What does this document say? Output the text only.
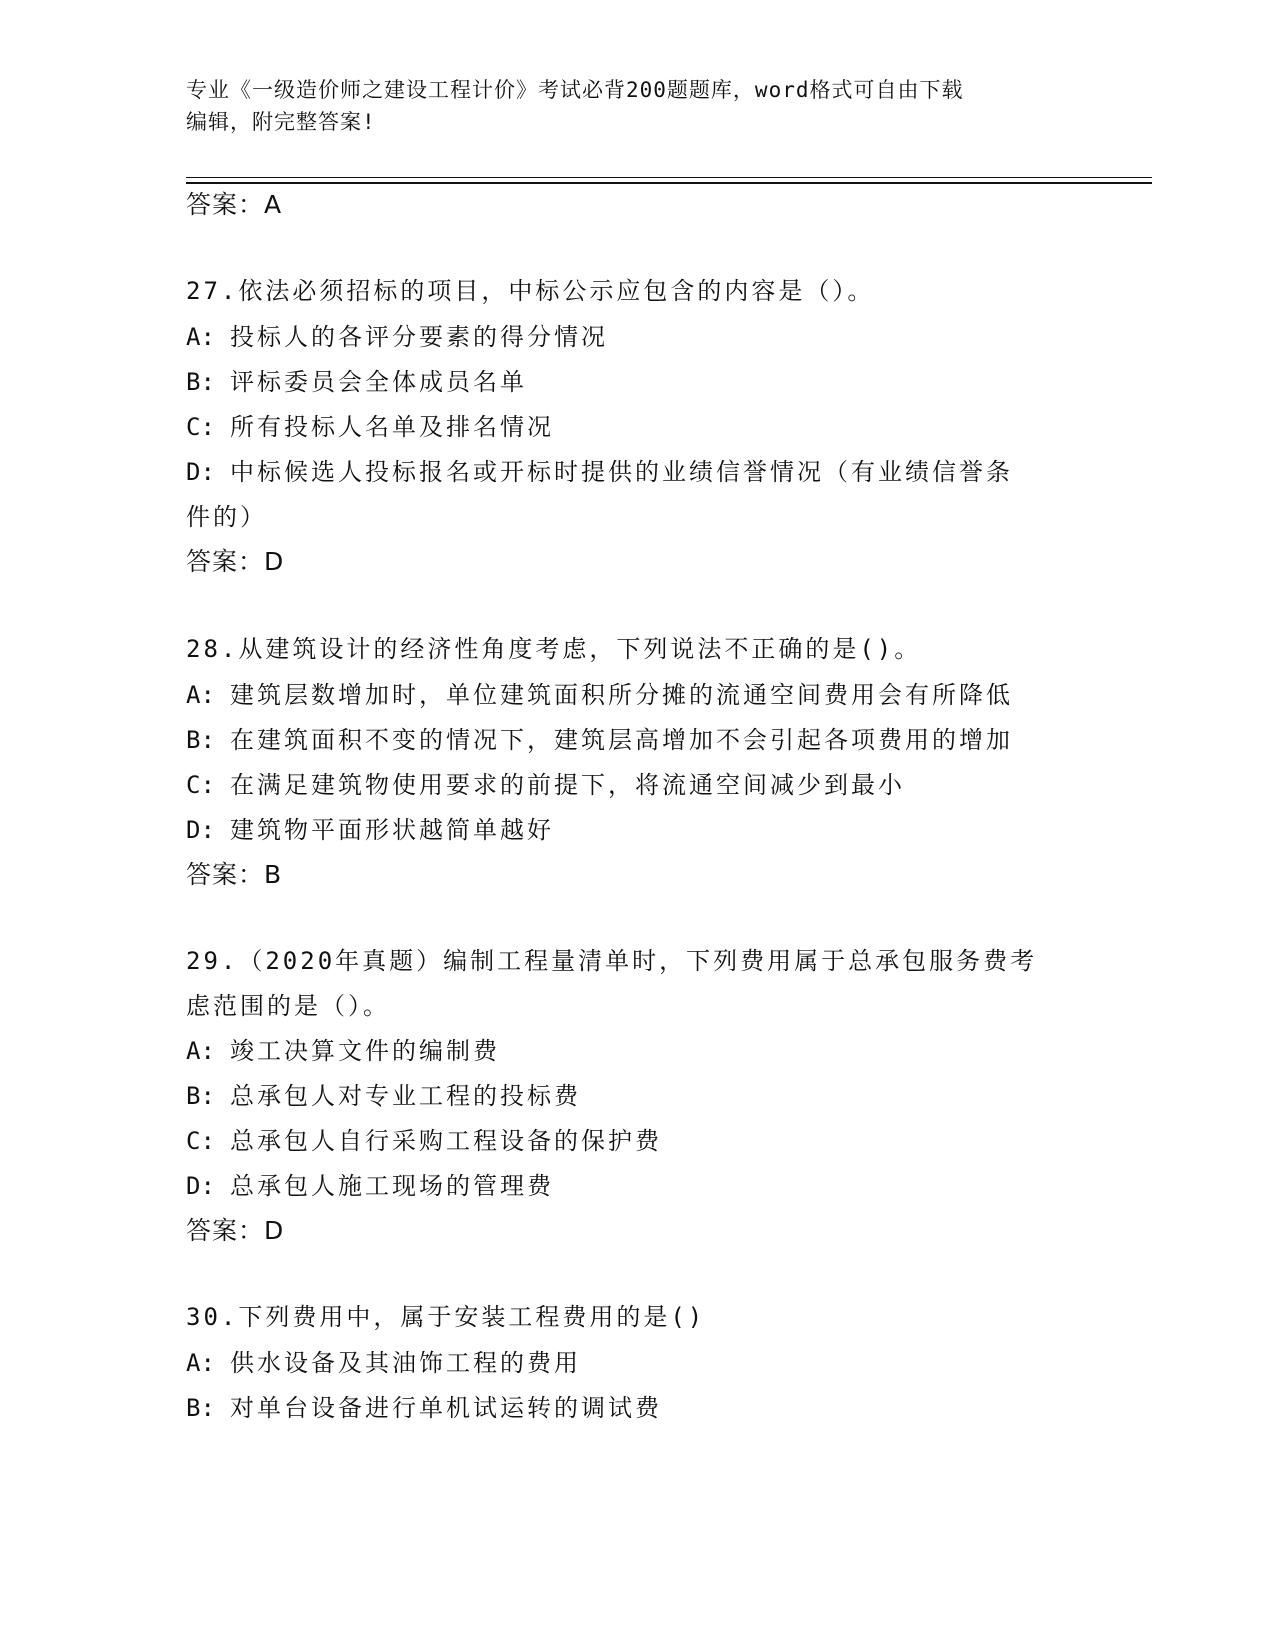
专业《一级造价师之建设工程计价》考试必背200题题库，word格式可自由下载
编辑，附完整答案!
答案：A
27.依法必须招标的项目，中标公示应包含的内容是（）。
A: 投标人的各评分要素的得分情况
B: 评标委员会全体成员名单
C: 所有投标人名单及排名情况
D: 中标候选人投标报名或开标时提供的业绩信誉情况（有业绩信誉条
件的）
答案：D
28.从建筑设计的经济性角度考虑，下列说法不正确的是()。
A: 建筑层数增加时，单位建筑面积所分摊的流通空间费用会有所降低
B: 在建筑面积不变的情况下，建筑层高增加不会引起各项费用的增加
C: 在满足建筑物使用要求的前提下，将流通空间减少到最小
D: 建筑物平面形状越简单越好
答案：B
29.（2020年真题）编制工程量清单时，下列费用属于总承包服务费考
虑范围的是（）。
A: 竣工决算文件的编制费
B: 总承包人对专业工程的投标费
C: 总承包人自行采购工程设备的保护费
D: 总承包人施工现场的管理费
答案：D
30.下列费用中，属于安装工程费用的是()
A: 供水设备及其油饰工程的费用
B: 对单台设备进行单机试运转的调试费
